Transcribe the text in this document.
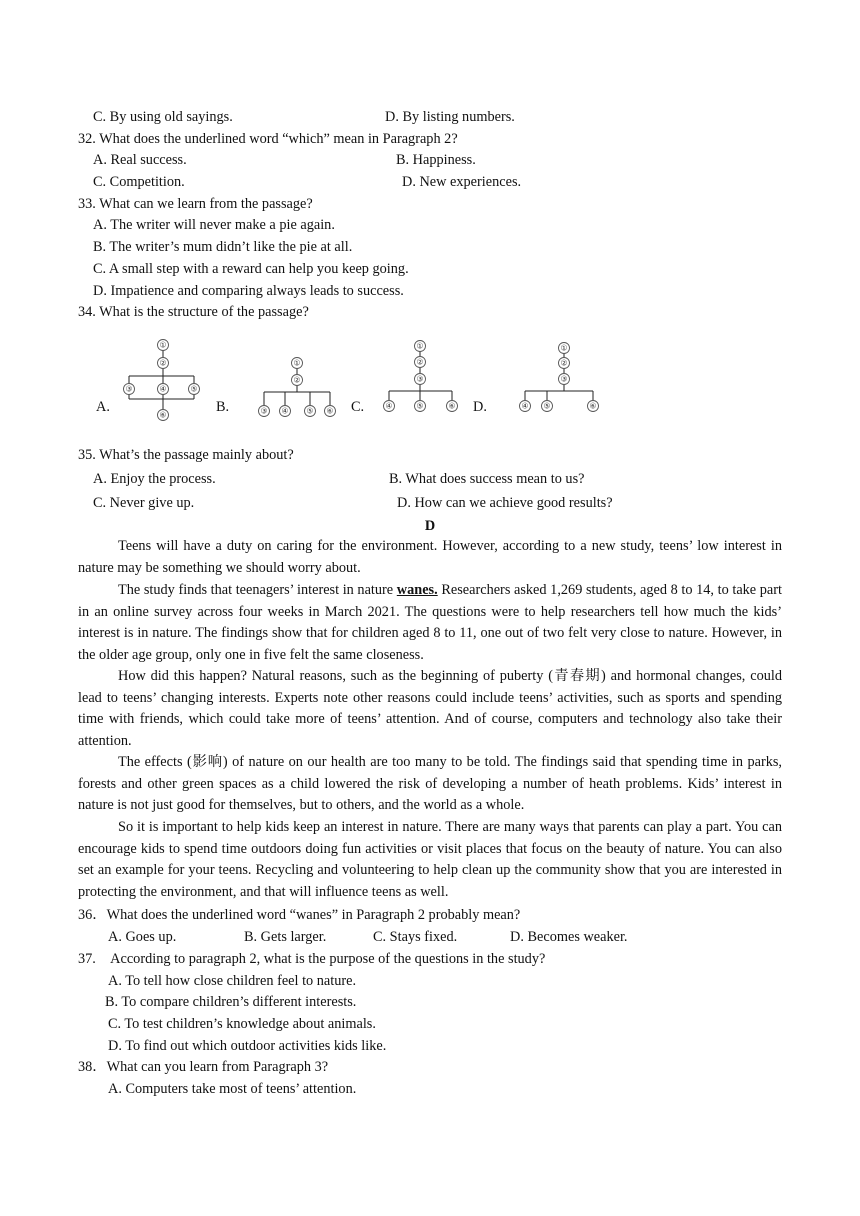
C. By using old sayings.	D. By listing numbers.
32. What does the underlined word “which” mean in Paragraph 2?
A. Real success.	B. Happiness.
C. Competition.	D. New experiences.
33. What can we learn from the passage?
A. The writer will never make a pie again.
B. The writer’s mum didn’t like the pie at all.
C. A small step with a reward can help you keep going.
D. Impatience and comparing always leads to success.
34. What is the structure of the passage?
A.
①
②
③	④	⑤
⑥	B.
①
②
③ ④ ⑤ ⑥ C.
①
②
③
④	⑤	⑥ D.
①
②
③
④ ⑤	⑥
35. What’s the passage mainly about?
A. Enjoy the process.	B. What does success mean to us?
C. Never give up.	D. How can we achieve good results?
D
Teens will have a duty on caring for the environment. However, according to a new study, teens’ low interest in nature may be something we should worry about.
The study finds that teenagers’ interest in nature wanes. Researchers asked 1,269 students, aged 8 to 14, to take part in an online survey across four weeks in March 2021. The questions were to help researchers tell how much the kids’ interest is in nature. The findings show that for children aged 8 to 11, one out of two felt very close to nature. However, in the older age group, only one in five felt the same closeness.
How did this happen? Natural reasons, such as the beginning of puberty (青春期) and hormonal changes, could lead to teens’ changing interests. Experts note other reasons could include teens’ activities, such as sports and spending time with friends, which could take more of teens’ attention. And of course, computers and technology also take their attention.
The effects (影响) of nature on our health are too many to be told. The findings said that spending time in parks, forests and other green spaces as a child lowered the risk of developing a number of heath problems. Kids’ interest in nature is not just good for themselves, but to others, and the world as a whole.
So it is important to help kids keep an interest in nature. There are many ways that parents can play a part. You can encourage kids to spend time outdoors doing fun activities or visit places that focus on the beauty of nature. You can also set an example for your teens. Recycling and volunteering to help clean up the community show that you are interested in protecting the environment, and that will influence teens as well.
36．What does the underlined word “wanes” in Paragraph 2 probably mean?
A. Goes up.	B. Gets larger.	C. Stays fixed.	D. Becomes weaker.
37.　According to paragraph 2, what is the purpose of the questions in the study?
A. To tell how close children feel to nature.
B. To compare children’s different interests.
C. To test children’s knowledge about animals.
D. To find out which outdoor activities kids like.
38．What can you learn from Paragraph 3?
A. Computers take most of teens’ attention.
